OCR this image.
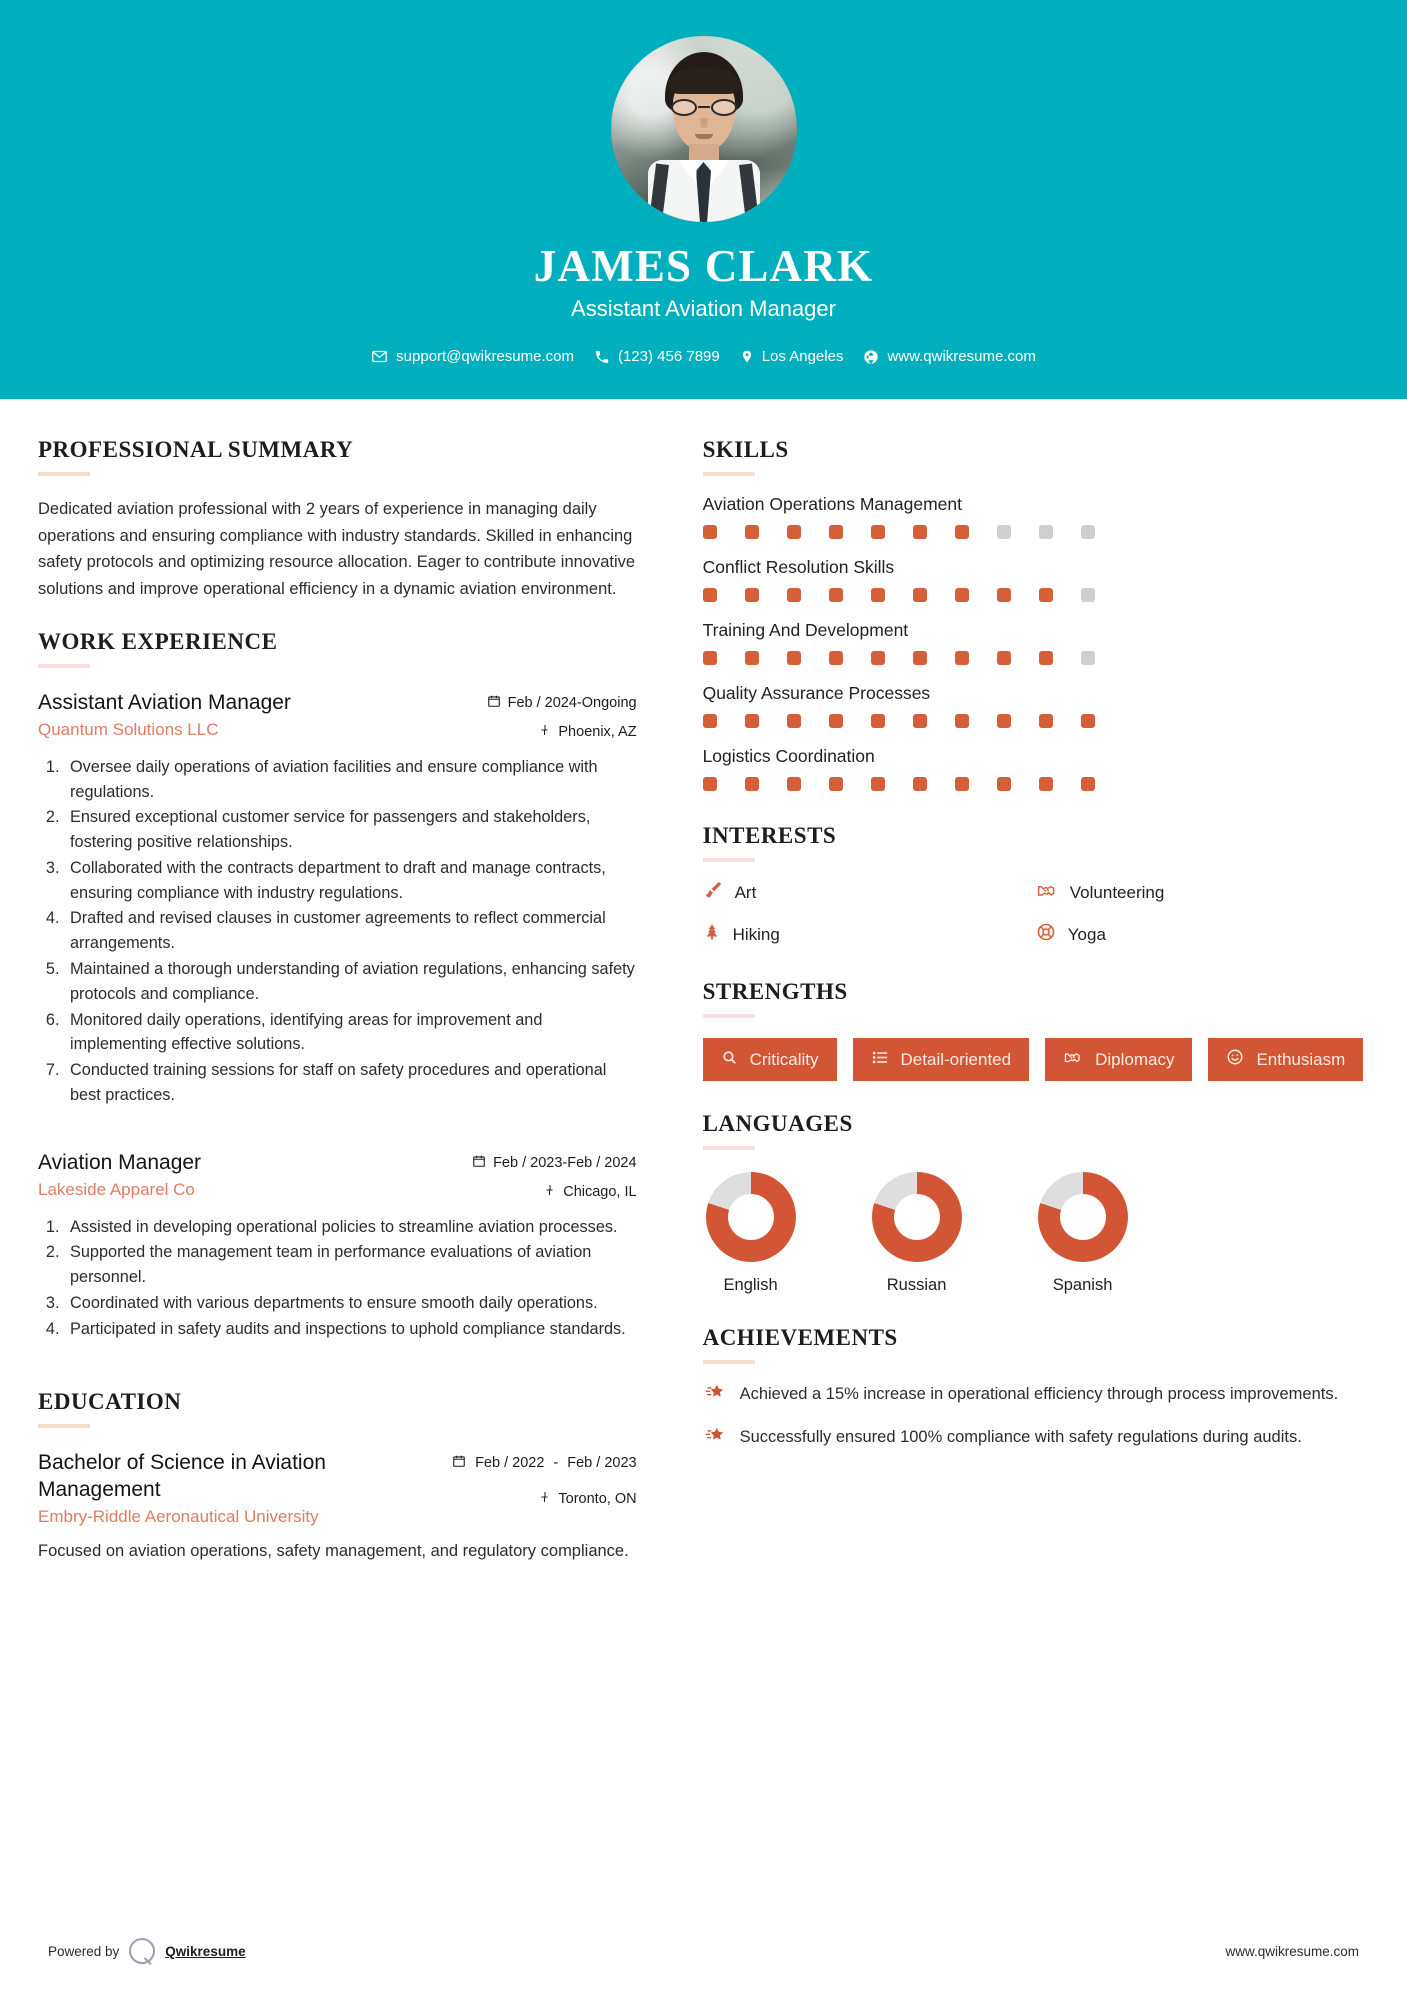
JAMES CLARK
Assistant Aviation Manager
support@qwikresume.com	(123) 456 7899	Los Angeles	www.qwikresume.com
PROFESSIONAL SUMMARY
Dedicated aviation professional with 2 years of experience in managing daily operations and ensuring compliance with industry standards. Skilled in enhancing safety protocols and optimizing resource allocation. Eager to contribute innovative solutions and improve operational efficiency in a dynamic aviation environment.
WORK EXPERIENCE
Assistant Aviation Manager
Quantum Solutions LLC
Feb / 2024-Ongoing
Phoenix, AZ
1. Oversee daily operations of aviation facilities and ensure compliance with regulations.
2. Ensured exceptional customer service for passengers and stakeholders, fostering positive relationships.
3. Collaborated with the contracts department to draft and manage contracts, ensuring compliance with industry regulations.
4. Drafted and revised clauses in customer agreements to reflect commercial arrangements.
5. Maintained a thorough understanding of aviation regulations, enhancing safety protocols and compliance.
6. Monitored daily operations, identifying areas for improvement and implementing effective solutions.
7. Conducted training sessions for staff on safety procedures and operational best practices.
Aviation Manager
Lakeside Apparel Co
Feb / 2023-Feb / 2024
Chicago, IL
1. Assisted in developing operational policies to streamline aviation processes.
2. Supported the management team in performance evaluations of aviation personnel.
3. Coordinated with various departments to ensure smooth daily operations.
4. Participated in safety audits and inspections to uphold compliance standards.
EDUCATION
Bachelor of Science in Aviation Management
Embry-Riddle Aeronautical University
Feb / 2022 - Feb / 2023
Toronto, ON
Focused on aviation operations, safety management, and regulatory compliance.
SKILLS
Aviation Operations Management
Conflict Resolution Skills
Training And Development
Quality Assurance Processes
Logistics Coordination
INTERESTS
Art	Volunteering
Hiking	Yoga
STRENGTHS
Criticality	Detail-oriented	Diplomacy	Enthusiasm
LANGUAGES
English	Russian	Spanish
ACHIEVEMENTS
Achieved a 15% increase in operational efficiency through process improvements.
Successfully ensured 100% compliance with safety regulations during audits.
Powered by	Qwikresume	www.qwikresume.com
